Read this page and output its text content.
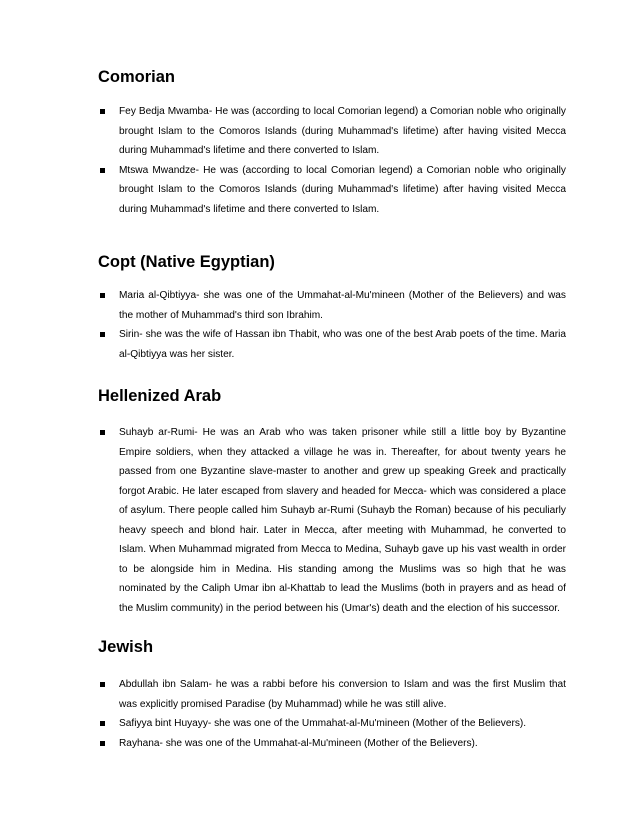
Comorian
Fey Bedja Mwamba- He was (according to local Comorian legend) a Comorian noble who originally brought Islam to the Comoros Islands (during Muhammad's lifetime) after having visited Mecca during Muhammad's lifetime and there converted to Islam.
Mtswa Mwandze- He was (according to local Comorian legend) a Comorian noble who originally brought Islam to the Comoros Islands (during Muhammad's lifetime) after having visited Mecca during Muhammad's lifetime and there converted to Islam.
Copt (Native Egyptian)
Maria al-Qibtiyya- she was one of the Ummahat-al-Mu'mineen (Mother of the Believers) and was the mother of Muhammad's third son Ibrahim.
Sirin- she was the wife of Hassan ibn Thabit, who was one of the best Arab poets of the time. Maria al-Qibtiyya was her sister.
Hellenized Arab
Suhayb ar-Rumi- He was an Arab who was taken prisoner while still a little boy by Byzantine Empire soldiers, when they attacked a village he was in. Thereafter, for about twenty years he passed from one Byzantine slave-master to another and grew up speaking Greek and practically forgot Arabic. He later escaped from slavery and headed for Mecca- which was considered a place of asylum. There people called him Suhayb ar-Rumi (Suhayb the Roman) because of his peculiarly heavy speech and blond hair. Later in Mecca, after meeting with Muhammad, he converted to Islam. When Muhammad migrated from Mecca to Medina, Suhayb gave up his vast wealth in order to be alongside him in Medina. His standing among the Muslims was so high that he was nominated by the Caliph Umar ibn al-Khattab to lead the Muslims (both in prayers and as head of the Muslim community) in the period between his (Umar's) death and the election of his successor.
Jewish
Abdullah ibn Salam- he was a rabbi before his conversion to Islam and was the first Muslim that was explicitly promised Paradise (by Muhammad) while he was still alive.
Safiyya bint Huyayy- she was one of the Ummahat-al-Mu'mineen (Mother of the Believers).
Rayhana- she was one of the Ummahat-al-Mu'mineen (Mother of the Believers).
